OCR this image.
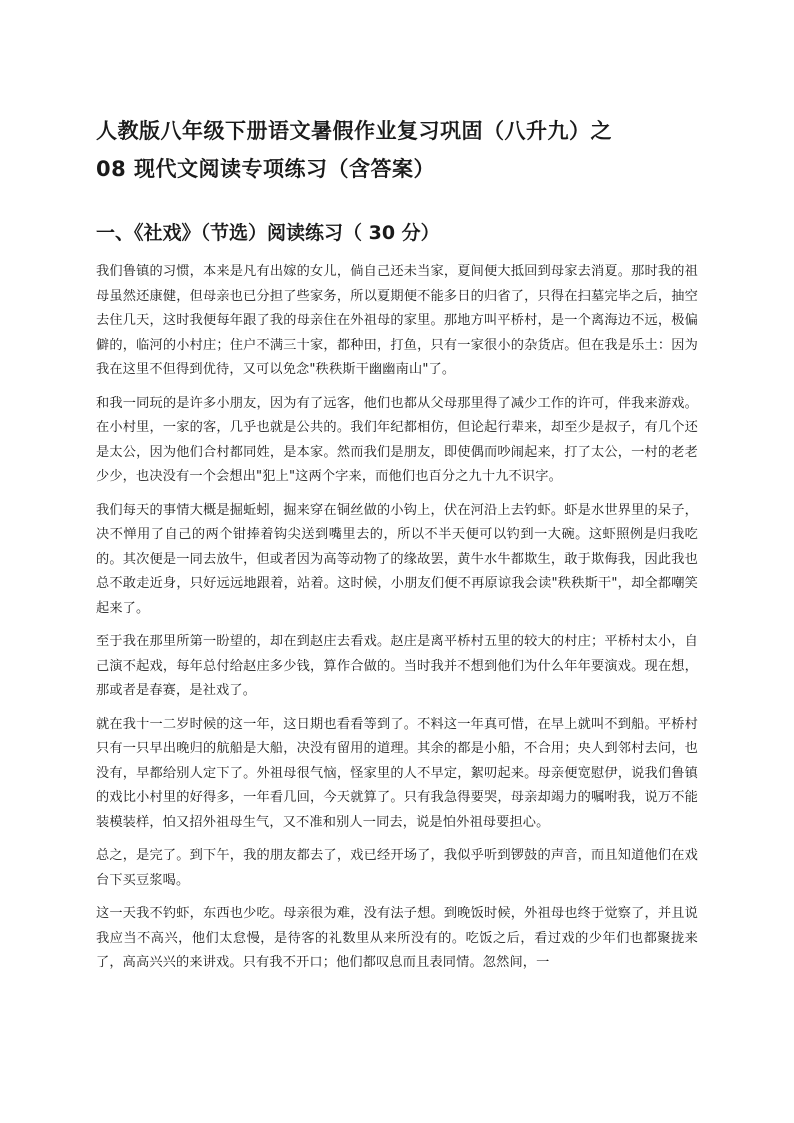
人教版八年级下册语文暑假作业复习巩固（八升九）之
08 现代文阅读专项练习（含答案）
一、《社戏》（节选）阅读练习（ 30 分）

我们鲁镇的习惯，本来是凡有出嫁的女儿，倘自己还未当家，夏间便大抵回到母家去消夏。那时我的祖母虽然还康健，但母亲也已分担了些家务，所以夏期便不能多日的归省了，只得在扫墓完毕之后，抽空去住几天，这时我便每年跟了我的母亲住在外祖母的家里。那地方叫平桥村，是一个离海边不远，极偏僻的，临河的小村庄；住户不满三十家，都种田，打鱼，只有一家很小的杂货店。但在我是乐土：因为我在这里不但得到优待，又可以免念"秩秩斯干幽幽南山"了。

和我一同玩的是许多小朋友，因为有了远客，他们也都从父母那里得了减少工作的许可，伴我来游戏。在小村里，一家的客，几乎也就是公共的。我们年纪都相仿，但论起行辈来，却至少是叔子，有几个还是太公，因为他们合村都同姓，是本家。然而我们是朋友，即使偶而吵闹起来，打了太公，一村的老老少少，也决没有一个会想出"犯上"这两个字来，而他们也百分之九十九不识字。

我们每天的事情大概是掘蚯蚓，掘来穿在铜丝做的小钩上，伏在河沿上去钓虾。虾是水世界里的呆子，决不惮用了自己的两个钳捧着钩尖送到嘴里去的，所以不半天便可以钓到一大碗。这虾照例是归我吃的。其次便是一同去放牛，但或者因为高等动物了的缘故罢，黄牛水牛都欺生，敢于欺侮我，因此我也总不敢走近身，只好远远地跟着，站着。这时候，小朋友们便不再原谅我会读"秩秩斯干"，却全都嘲笑起来了。

至于我在那里所第一盼望的，却在到赵庄去看戏。赵庄是离平桥村五里的较大的村庄；平桥村太小，自己演不起戏，每年总付给赵庄多少钱，算作合做的。当时我并不想到他们为什么年年要演戏。现在想，那或者是春赛，是社戏了。

就在我十一二岁时候的这一年，这日期也看看等到了。不料这一年真可惜，在早上就叫不到船。平桥村只有一只早出晚归的航船是大船，决没有留用的道理。其余的都是小船，不合用；央人到邻村去问，也没有，早都给别人定下了。外祖母很气恼，怪家里的人不早定，絮叨起来。母亲便宽慰伊，说我们鲁镇的戏比小村里的好得多，一年看几回，今天就算了。只有我急得要哭，母亲却竭力的嘱咐我，说万不能装模装样，怕又招外祖母生气，又不准和别人一同去，说是怕外祖母要担心。

总之，是完了。到下午，我的朋友都去了，戏已经开场了，我似乎听到锣鼓的声音，而且知道他们在戏台下买豆浆喝。

这一天我不钓虾，东西也少吃。母亲很为难，没有法子想。到晚饭时候，外祖母也终于觉察了，并且说我应当不高兴，他们太怠慢，是待客的礼数里从来所没有的。吃饭之后，看过戏的少年们也都聚拢来了，高高兴兴的来讲戏。只有我不开口；他们都叹息而且表同情。忽然间，一
